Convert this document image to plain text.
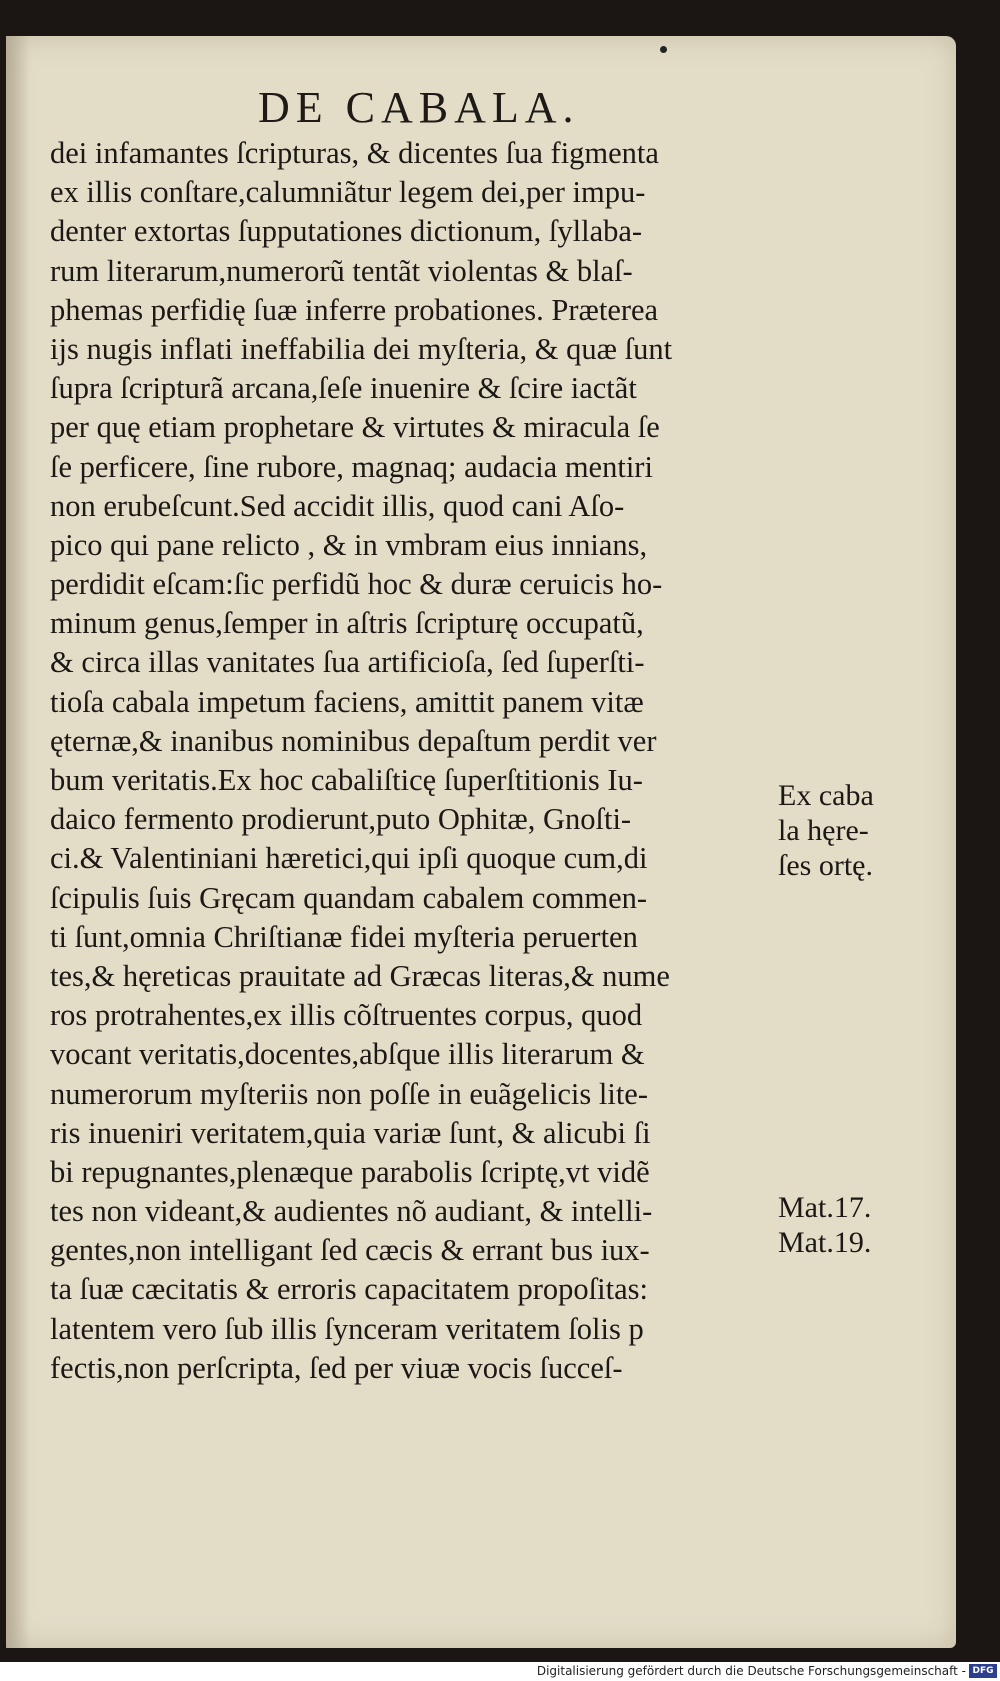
DE CABALA.
dei infamantes ſcripturas, & dicentes ſua figmenta
ex illis conſtare,calumniãtur legem dei,per impu-
denter extortas ſupputationes dictionum, ſyllaba-
rum literarum,numerorũ tentãt violentas & blaſ-
phemas perfidię ſuæ inferre probationes. Præterea
ijs nugis inflati ineffabilia dei myſteria, & quæ ſunt
ſupra ſcripturã arcana,ſeſe inuenire & ſcire iactãt
per quę etiam prophetare & virtutes & miracula ſe
ſe perficere, ſine rubore, magnaq; audacia mentiri
non erubeſcunt.Sed accidit illis, quod cani Aſo-
pico qui pane relicto , & in vmbram eius innians,
perdidit eſcam:ſic perfidũ hoc & duræ ceruicis ho-
minum genus,ſemper in aſtris ſcripturę occupatũ,
& circa illas vanitates ſua artificioſa, ſed ſuperſti-
tioſa cabala impetum faciens, amittit panem vitæ
ęternæ,& inanibus nominibus depaſtum perdit ver
bum veritatis.Ex hoc cabaliſticę ſuperſtitionis Iu-
daico fermento prodierunt,puto Ophitæ, Gnoſti-
ci.& Valentiniani hæretici,qui ipſi quoque cum,di
ſcipulis ſuis Gręcam quandam cabalem commen-
ti ſunt,omnia Chriſtianæ fidei myſteria peruerten
tes,& hęreticas prauitate ad Græcas literas,& nume
ros protrahentes,ex illis cõſtruentes corpus, quod
vocant veritatis,docentes,abſque illis literarum &
numerorum myſteriis non poſſe in euãgelicis lite-
ris inueniri veritatem,quia variæ ſunt, & alicubi ſi
bi repugnantes,plenæque parabolis ſcriptę,vt vidẽ
tes non videant,& audientes nõ audiant, & intelli-
gentes,non intelligant ſed cæcis & errant bus iux-
ta ſuæ cæcitatis & erroris capacitatem propoſitas:
latentem vero ſub illis ſynceram veritatem ſolis p
fectis,non perſcripta, ſed per viuæ vocis ſucceſ-
Ex caba
la hęre-
ſes ortę.
Mat.17.
Mat.19.
Digitalisierung gefördert durch die Deutsche Forschungsgemeinschaft - DFG
